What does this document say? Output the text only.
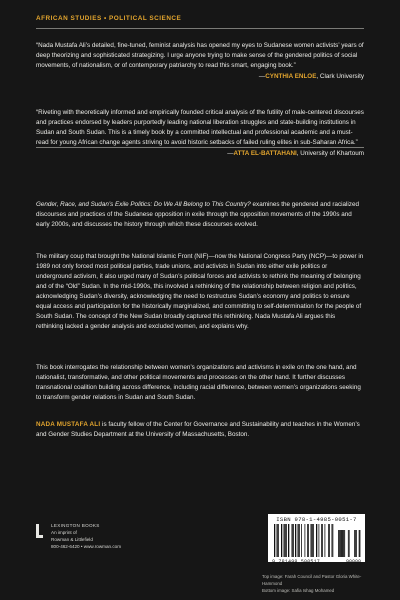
AFRICAN STUDIES • POLITICAL SCIENCE
“Nada Mustafa Ali’s detailed, fine-tuned, feminist analysis has opened my eyes to Sudanese women activists’ years of deep theorizing and sophisticated strategizing. I urge anyone trying to make sense of the gendered politics of social movements, of nationalism, or of contemporary patriarchy to read this smart, engaging book.”
—CYNTHIA ENLOE, Clark University
“Riveting with theoretically informed and empirically founded critical analysis of the futility of male-centered discourses and practices endorsed by leaders purportedly leading national liberation struggles and state-building institutions in Sudan and South Sudan. This is a timely book by a committed intellectual and professional academic and a must-read for young African change agents striving to avoid historic setbacks of failed ruling elites in sub-Saharan Africa.”
—ATTA EL-BATTAHANI, University of Khartoum
Gender, Race, and Sudan’s Exile Politics: Do We All Belong to This Country? examines the gendered and racialized discourses and practices of the Sudanese opposition in exile through the opposition movements of the 1990s and early 2000s, and discusses the history through which these discourses evolved.
The military coup that brought the National Islamic Front (NIF)—now the National Congress Party (NCP)—to power in 1989 not only forced most political parties, trade unions, and activists in Sudan into either exile politics or underground activism, it also urged many of Sudan’s political forces and activists to rethink the meaning of belonging and of the “Old” Sudan. In the mid-1990s, this involved a rethinking of the relationship between religion and politics, acknowledging Sudan’s diversity, acknowledging the need to restructure Sudan’s economy and politics to ensure equal access and participation for the historically marginalized, and committing to self-determination for the people of South Sudan. The concept of the New Sudan broadly captured this rethinking. Nada Mustafa Ali argues this rethinking lacked a gender analysis and excluded women, and explains why.
This book interrogates the relationship between women’s organizations and activisms in exile on the one hand, and nationalist, transformative, and other political movements and processes on the other hand. It further discusses transnational coalition building across difference, including racial difference, between women’s organizations seeking to transform gender relations in Sudan and South Sudan.
NADA MUSTAFA ALI is faculty fellow of the Center for Governance and Sustainability and teaches in the Women’s and Gender Studies Department at the University of Massachusetts, Boston.
LEXINGTON BOOKS
An imprint of
Rowman & Littlefield
800-462-6420 • www.rowman.com
ISBN 978-1-4985-0051-7
9 781498 500517	90000
Top image: Farah Council and Pastor Gloria White-Hammond
Bottom image: Safia Ishag Mohamed
